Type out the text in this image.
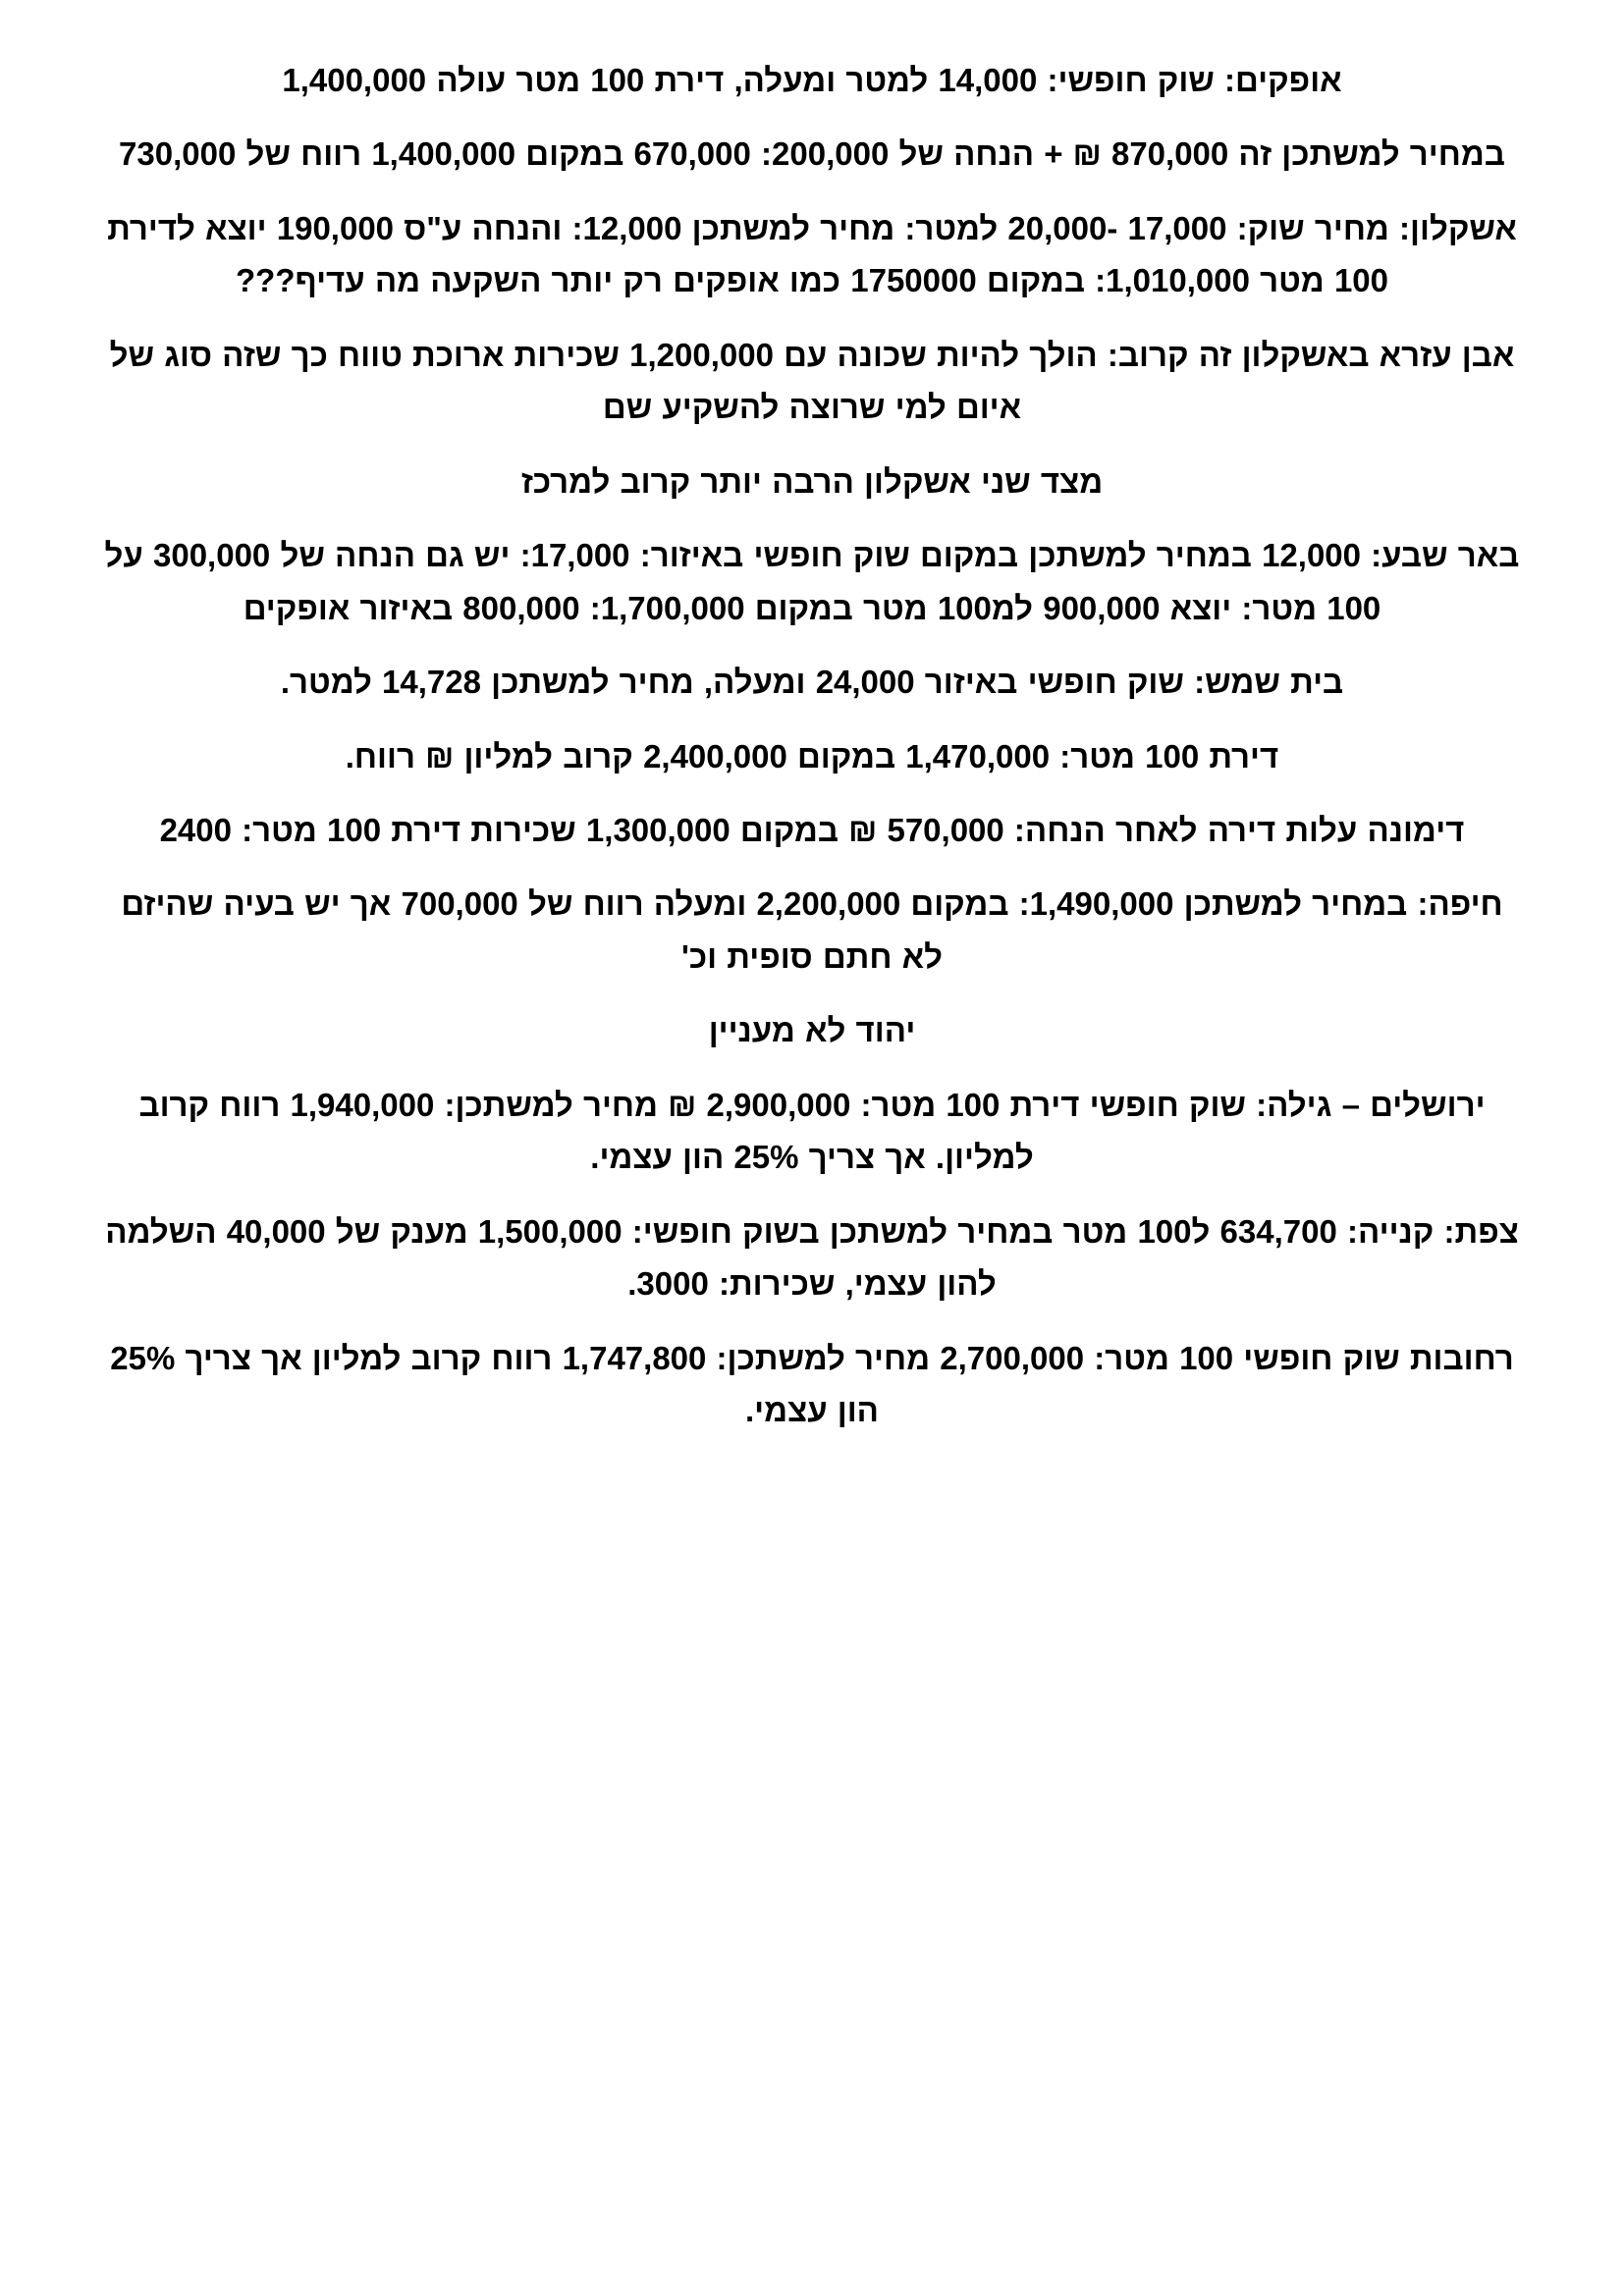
אופקים: שוק חופשי: 14,000 למטר ומעלה, דירת 100 מטר עולה 1,400,000

במחיר למשתכן זה 870,000 ₪ + הנחה של 200,000: 670,000 במקום 1,400,000 רווח של 730,000

אשקלון: מחיר שוק: 17,000 -20,000 למטר: מחיר למשתכן 12,000: והנחה ע"ס 190,000 יוצא לדירת 100 מטר 1,010,000: במקום 1750000 כמו אופקים רק יותר השקעה מה עדיף???

אבן עזרא באשקלון זה קרוב: הולך להיות שכונה עם 1,200,000 שכירות ארוכת טווח כך שזה סוג של איום למי שרוצה להשקיע שם

מצד שני אשקלון הרבה יותר קרוב למרכז

באר שבע: 12,000 במחיר למשתכן במקום שוק חופשי באיזור: 17,000: יש גם הנחה של 300,000 על 100 מטר: יוצא 900,000 למ100 מטר במקום 1,700,000: 800,000 באיזור אופקים

בית שמש: שוק חופשי באיזור 24,000 ומעלה, מחיר למשתכן 14,728 למטר.

דירת 100 מטר: 1,470,000 במקום 2,400,000 קרוב למליון ₪ רווח.

דימונה עלות דירה לאחר הנחה: 570,000 ₪ במקום 1,300,000 שכירות דירת 100 מטר: 2400

חיפה: במחיר למשתכן 1,490,000: במקום 2,200,000 ומעלה רווח של 700,000 אך יש בעיה שהיזם לא חתם סופית וכ'

יהוד לא מעניין

ירושלים – גילה: שוק חופשי דירת 100 מטר: 2,900,000 ₪ מחיר למשתכן: 1,940,000 רווח קרוב למליון. אך צריך 25% הון עצמי.

צפת: קנייה: 634,700 ל100 מטר במחיר למשתכן בשוק חופשי: 1,500,000 מענק של 40,000 השלמה להון עצמי, שכירות: 3000.

רחובות שוק חופשי 100 מטר: 2,700,000 מחיר למשתכן: 1,747,800 רווח קרוב למליון אך צריך 25% הון עצמי.
